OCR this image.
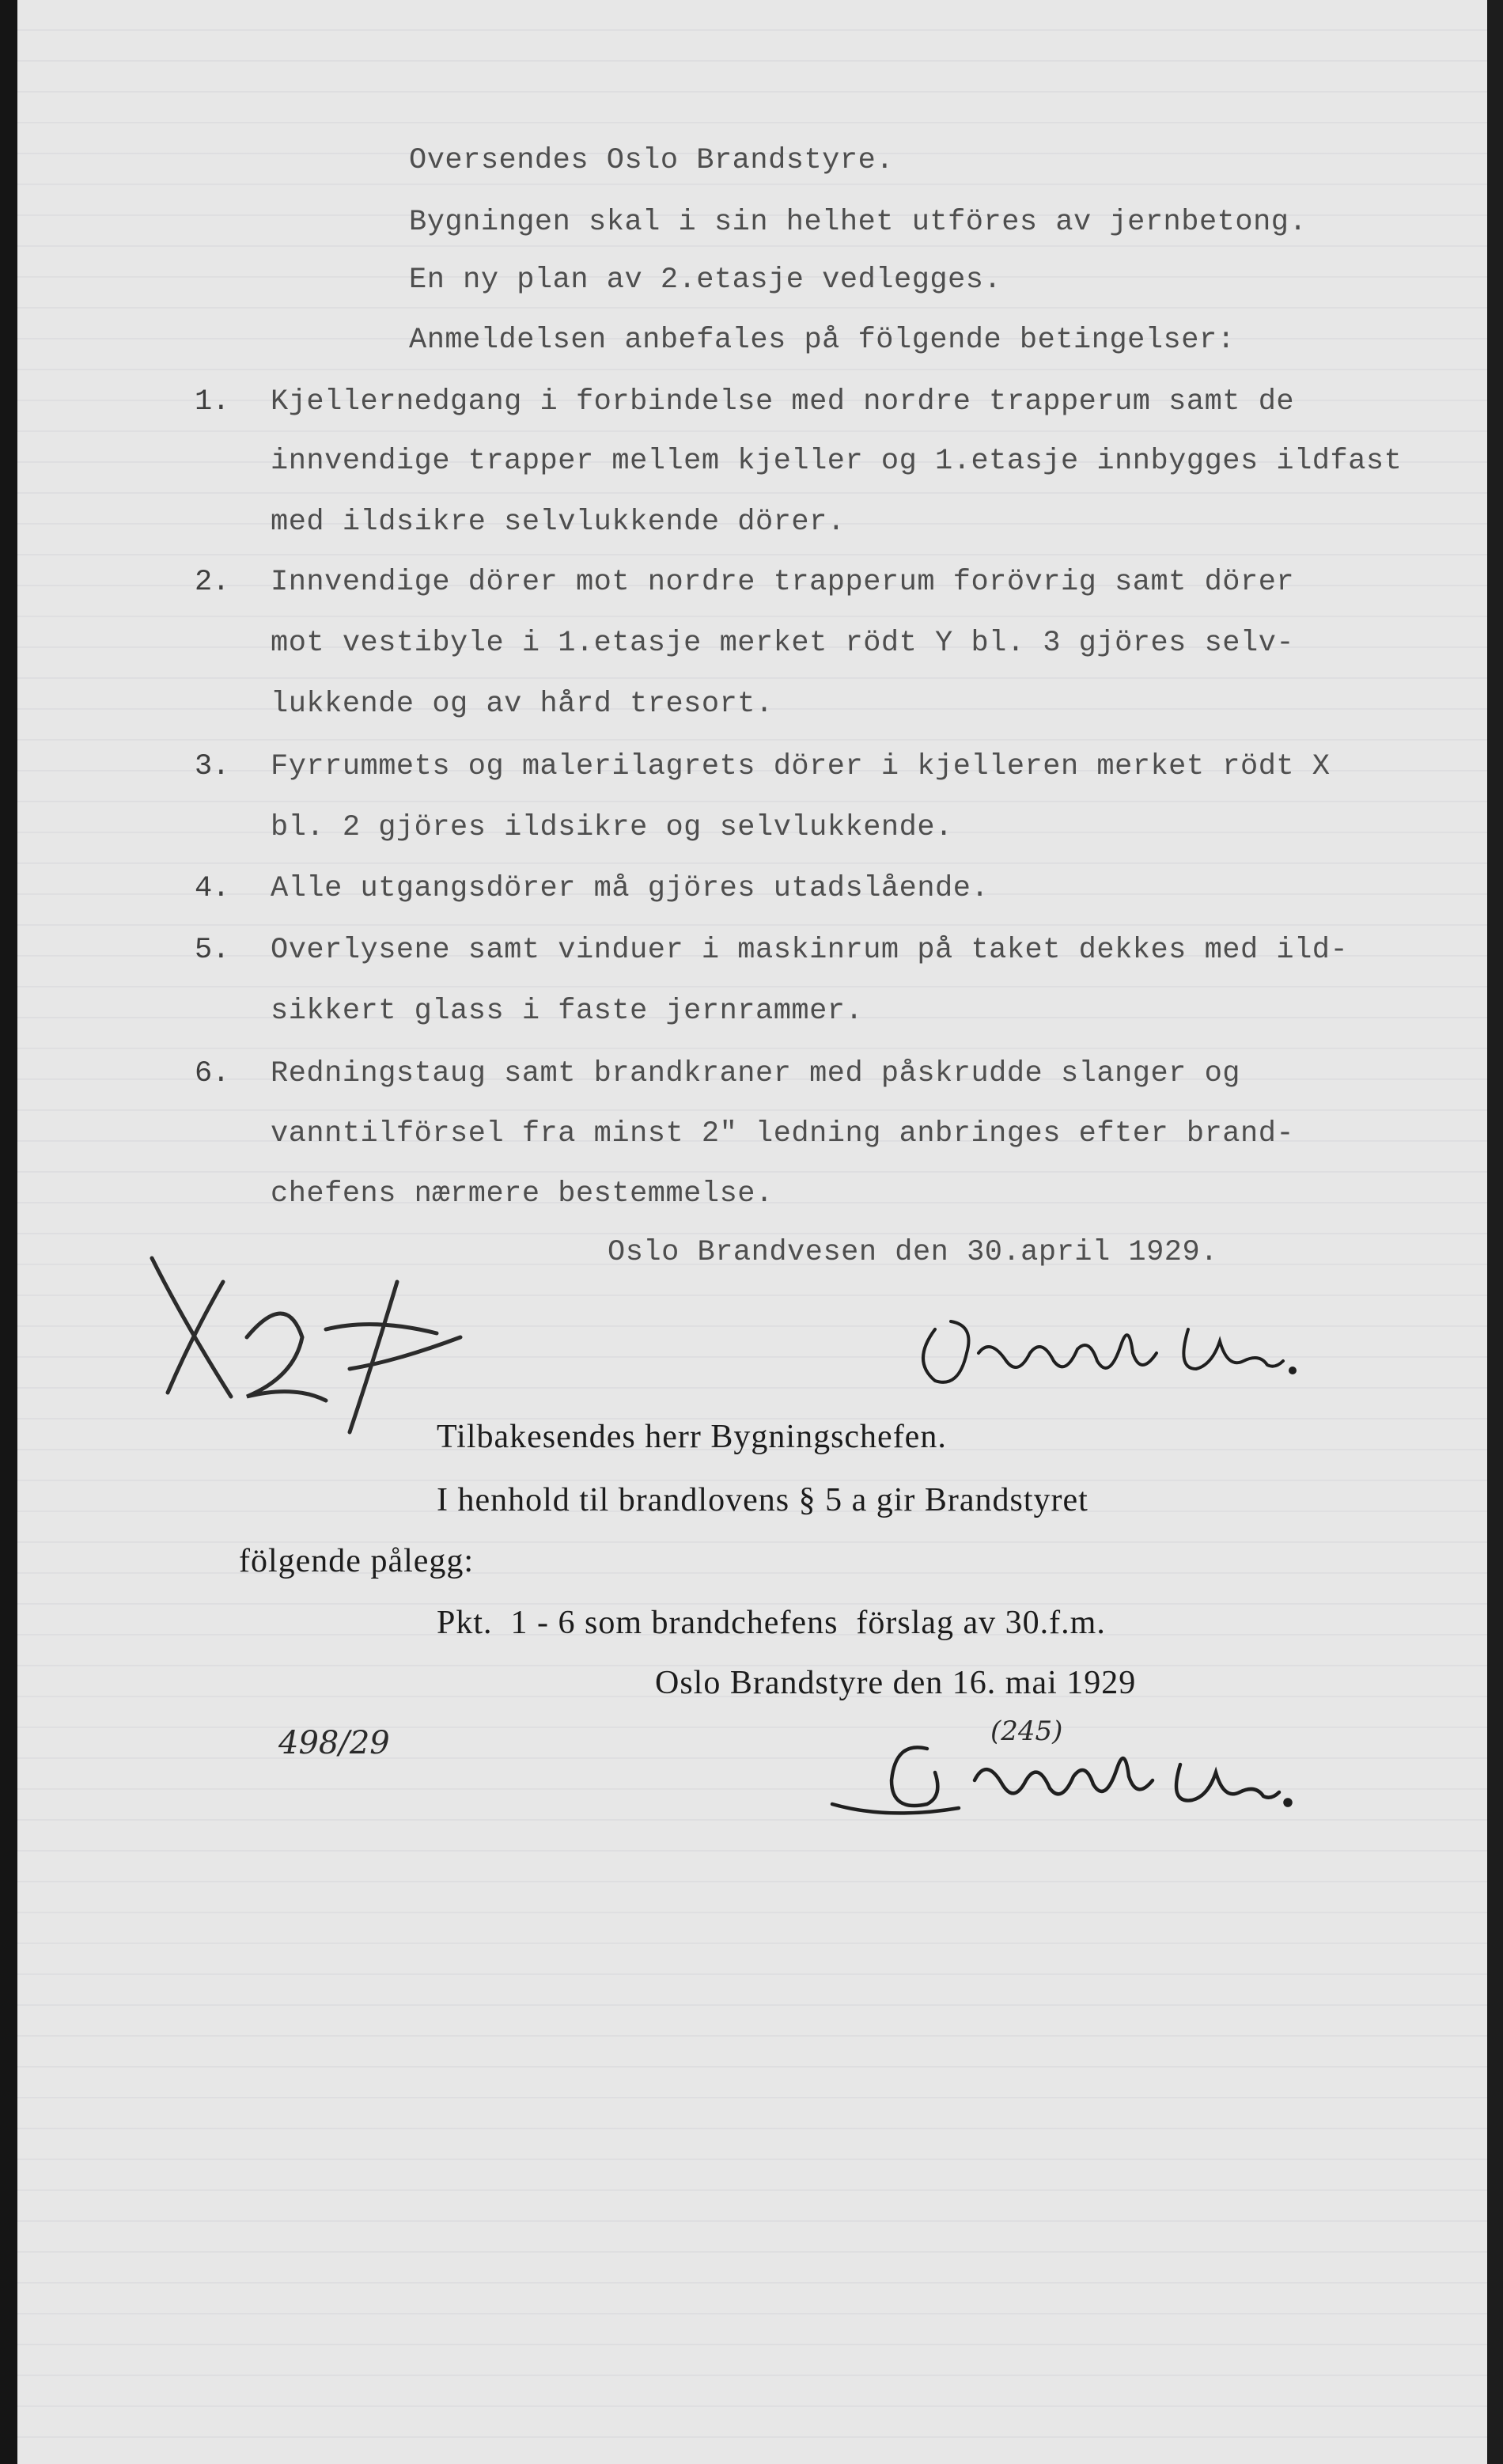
Oversendes Oslo Brandstyre.
Bygningen skal i sin helhet utföres av jernbetong.
En ny plan av 2.etasje vedlegges.
Anmeldelsen anbefales på fölgende betingelser:
1. Kjellernedgang i forbindelse med nordre trapperum samt de
innvendige trapper mellem kjeller og 1.etasje innbygges ildfast
med ildsikre selvlukkende dörer.
2. Innvendige dörer mot nordre trapperum forövrig samt dörer
mot vestibyle i 1.etasje merket rödt Y bl. 3 gjöres selv-
lukkende og av hård tresort.
3. Fyrrummets og malerilagrets dörer i kjelleren merket rödt X
bl. 2 gjöres ildsikre og selvlukkende.
4. Alle utgangsdörer må gjöres utadslående.
5. Overlysene samt vinduer i maskinrum på taket dekkes med ild-
sikkert glass i faste jernrammer.
6. Redningstaug samt brandkraner med påskrudde slanger og
vanntilförsel fra minst 2" ledning anbringes efter brand-
chefens nærmere bestemmelse.
Oslo Brandvesen den 30.april 1929.
Tilbakesendes herr Bygningschefen.
I henhold til brandlovens § 5 a gir Brandstyret
fölgende pålegg:
Pkt.  1 - 6 som brandchefens  förslag av 30.f.m.
Oslo Brandstyre den 16. mai 1929
498/29	(245)
